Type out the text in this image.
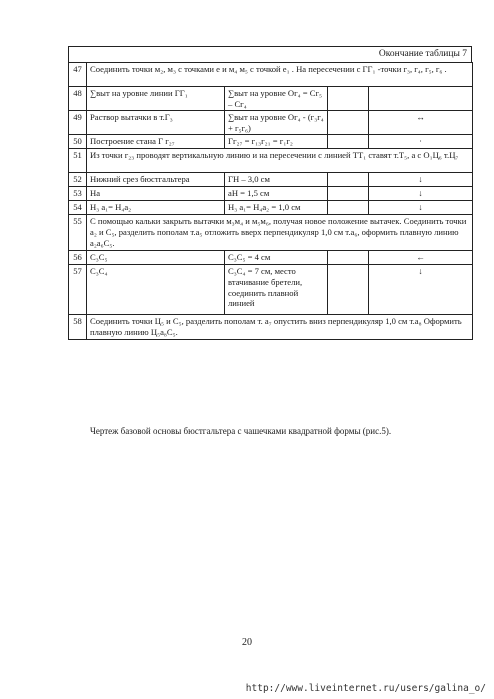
Окончание таблицы 7
47	Соединить точки м₂, м₃ с точками е и м₄ м₅ с точкой е₁ . На пересечении с ГГ₁ -точки г₃, г₄, г₅, г₆ .			
48	∑выт на уровне линии ГГ₁	∑выт на уровне Ог₄ = Сг₅ – Сг₄		
49	Раствор вытачки в т.Г₃	∑выт на уровне Ог₄ - (г₃г₄ + г₅г₆)		↔
50	Построение стана Г г₂₇	Гг₂₇ = г₁₃г₂₁ = г₁г₂		·
51	Из точки г₂₃ проводят вертикальную линию и на пересечении с линией ТТ₁ ставят т.Т₅, а с О₁Ц₆ т.Ц₇			
52	Нижний срез бюстгальтера	ГН – 3,0 см		↓
53	На	аН = 1,5 см		↓
54	Н₃ а₁= Н₄а₂	Н₃ а₁= Н₄а₂ = 1,0 см		↓
55	С помощью кальки закрыть вытачки м₃м₄ и м₅м₆, получая новое положение вытачек. Соединить точки а₂ и С₅, разделить пополам т.а₅ отложить вверх перпендикуляр 1,0 см т.а₆, оформить плавную линию а₂а₆С₅.			
56	С₃С₅	С₃С₅ = 4 см		←
57	С₃С₄	С₃С₄ = 7 см, место втачивание бретели, соединить плавной линией		↓
58	Соединить точки Ц₅ и С₅, разделить пополам т. а₇ опустить вниз перпендикуляр 1,0 см т.а₈ Оформить плавную линию Ц₅а₈С₅.			
Чертеж базовой основы бюстгальтера с чашечками квадратной формы (рис.5).
20
http://www.liveinternet.ru/users/galina_o/
